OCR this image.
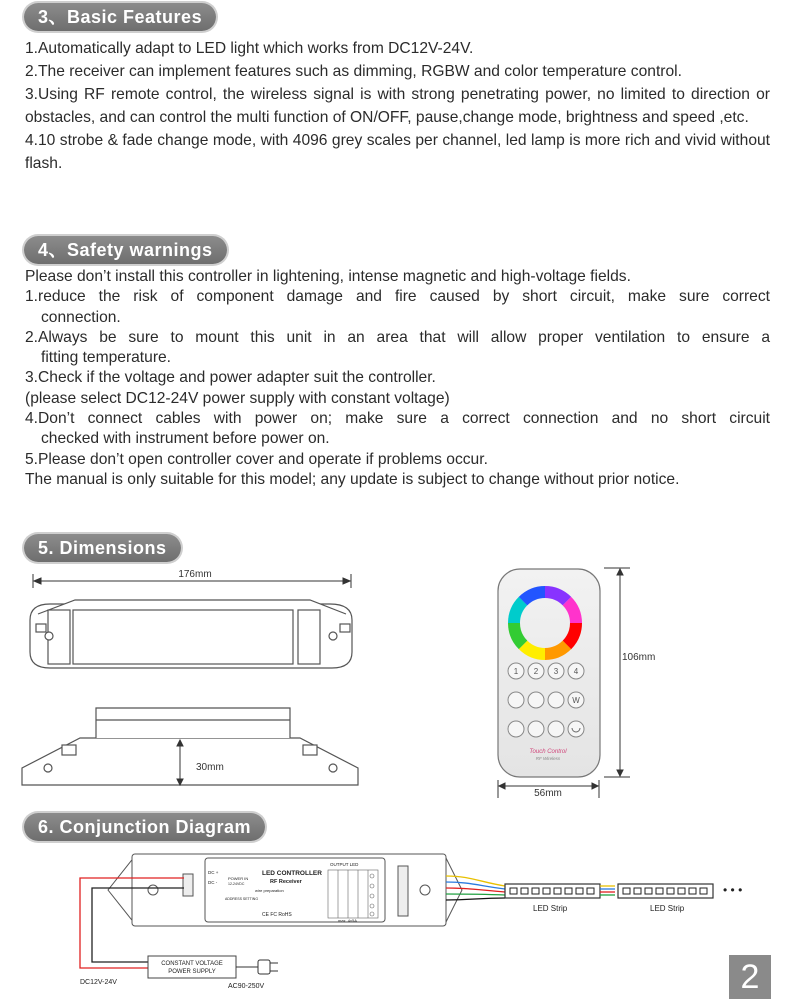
3、Basic Features

1.Automatically adapt to LED light which works from DC12V-24V.

2.The receiver can implement features such as dimming, RGBW and color temperature control.

3.Using RF remote control, the wireless signal is with strong penetrating power, no limited to direction or obstacles, and can control the multi function of ON/OFF, pause,change mode, brightness and speed ,etc.

4.10 strobe & fade change mode, with 4096 grey scales per channel, led lamp is more rich and vivid without flash.

4、Safety warnings

Please don’t install this controller in lightening, intense magnetic and high-voltage fields.

1.reduce the risk of component damage and fire caused by short circuit, make sure correct

connection.

2.Always be sure to mount this unit in an area that will allow proper ventilation to ensure a

fitting temperature.

3.Check if the voltage and power adapter suit the controller.

(please select DC12-24V power supply with constant voltage)

4.Don’t connect cables with power on; make sure a correct connection and no short circuit

checked with instrument before power on.

5.Please don’t open controller cover and operate if problems occur.

The manual is only suitable for this model; any update is subject to change without prior notice.

5. Dimensions
176mm
30mm
1 2 3 4
W
Touch Control
RF Wireless
106mm
56mm
6. Conjunction Diagram
LED CONTROLLER
RF Receiver
OUTPUT LED
DC +
DC -
POWER IN
12-24VDC
wire preparation
ADDRESS SETTING
CE FC RoHS
max. 4x5A
• • •
LED Strip	LED Strip
CONSTANT VOLTAGE
POWER SUPPLY
DC12V-24V
AC90-250V	2
